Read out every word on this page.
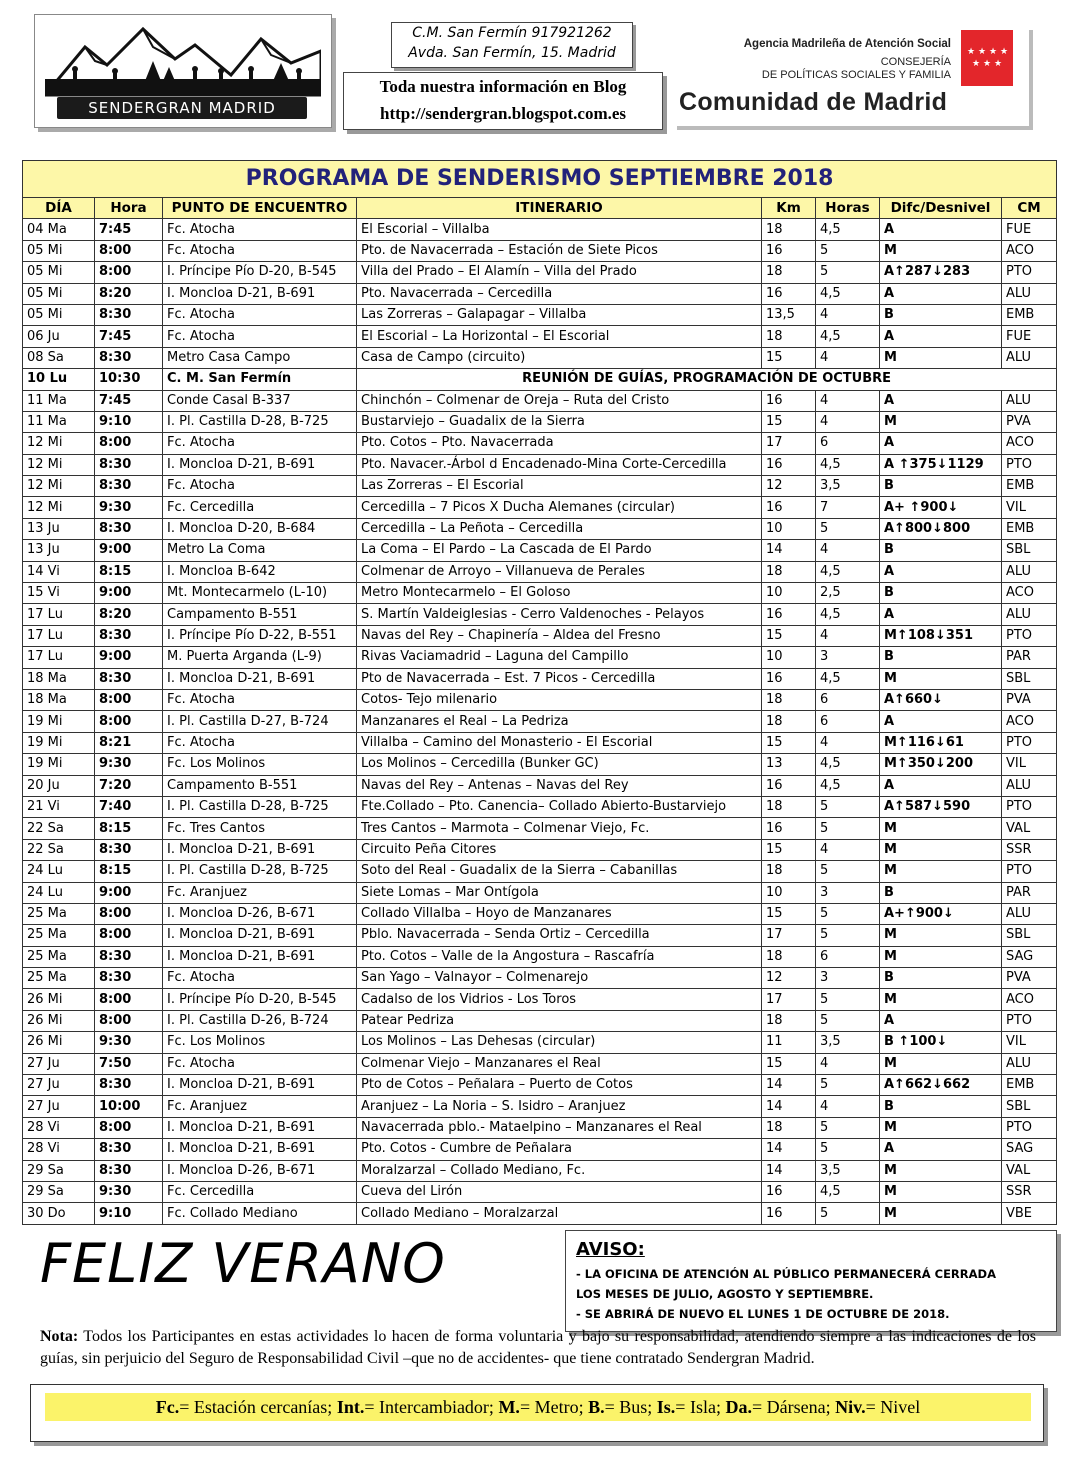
SENDERGRAN MADRID
C.M. San Fermín 917921262
Avda. San Fermín, 15. Madrid
Toda nuestra información en Blog
http://sendergran.blogspot.com.es
Agencia Madrileña de Atención Social
CONSEJERÍA
DE POLÍTICAS SOCIALES Y FAMILIA
Comunidad de Madrid
★ ★ ★ ★
★ ★ ★
PROGRAMA DE SENDERISMO SEPTIEMBRE 2018							
DÍA	Hora	PUNTO DE ENCUENTRO	ITINERARIO	Km	Horas	Difc/Desnivel	CM
04 Ma	7:45	Fc. Atocha	El Escorial – Villalba	18	4,5	A	FUE
05 Mi	8:00	Fc. Atocha	Pto. de Navacerrada – Estación de Siete Picos	16	5	M	ACO
05 Mi	8:00	I. Príncipe Pío D-20, B-545	Villa del Prado – El Alamín – Villa del Prado	18	5	A↑287↓283	PTO
05 Mi	8:20	I. Moncloa D-21, B-691	Pto. Navacerrada – Cercedilla	16	4,5	A	ALU
05 Mi	8:30	Fc. Atocha	Las Zorreras – Galapagar – Villalba	13,5	4	B	EMB
06 Ju	7:45	Fc. Atocha	El Escorial – La Horizontal – El Escorial	18	4,5	A	FUE
08 Sa	8:30	Metro Casa Campo	Casa de Campo (circuito)	15	4	M	ALU
10 Lu	10:30	C. M. San Fermín	REUNIÓN DE GUÍAS, PROGRAMACIÓN DE OCTUBRE				
11 Ma	7:45	Conde Casal B-337	Chinchón – Colmenar de Oreja – Ruta del Cristo	16	4	A	ALU
11 Ma	9:10	I. Pl. Castilla D-28, B-725	Bustarviejo – Guadalix de la Sierra	15	4	M	PVA
12 Mi	8:00	Fc. Atocha	Pto. Cotos – Pto. Navacerrada	17	6	A	ACO
12 Mi	8:30	I. Moncloa D-21, B-691	Pto. Navacer.-Árbol d Encadenado-Mina Corte-Cercedilla	16	4,5	A ↑375↓1129	PTO
12 Mi	8:30	Fc. Atocha	Las Zorreras – El Escorial	12	3,5	B	EMB
12 Mi	9:30	Fc. Cercedilla	Cercedilla – 7 Picos X Ducha Alemanes (circular)	16	7	A+ ↑900↓	VIL
13 Ju	8:30	I. Moncloa D-20, B-684	Cercedilla – La Peñota – Cercedilla	10	5	A↑800↓800	EMB
13 Ju	9:00	Metro La Coma	La Coma – El Pardo – La Cascada de El Pardo	14	4	B	SBL
14 Vi	8:15	I. Moncloa B-642	Colmenar de Arroyo – Villanueva de Perales	18	4,5	A	ALU
15 Vi	9:00	Mt. Montecarmelo (L-10)	Metro Montecarmelo – El Goloso	10	2,5	B	ACO
17 Lu	8:20	Campamento B-551	S. Martín Valdeiglesias - Cerro Valdenoches - Pelayos	16	4,5	A	ALU
17 Lu	8:30	I. Príncipe Pío D-22, B-551	Navas del Rey – Chapinería – Aldea del Fresno	15	4	M↑108↓351	PTO
17 Lu	9:00	M. Puerta Arganda (L-9)	Rivas Vaciamadrid – Laguna del Campillo	10	3	B	PAR
18 Ma	8:30	I. Moncloa D-21, B-691	Pto de Navacerrada – Est. 7 Picos - Cercedilla	16	4,5	M	SBL
18 Ma	8:00	Fc. Atocha	Cotos- Tejo milenario	18	6	A↑660↓	PVA
19 Mi	8:00	I. Pl. Castilla D-27, B-724	Manzanares el Real – La Pedriza	18	6	A	ACO
19 Mi	8:21	Fc. Atocha	Villalba – Camino del Monasterio - El Escorial	15	4	M↑116↓61	PTO
19 Mi	9:30	Fc. Los Molinos	Los Molinos – Cercedilla (Bunker GC)	13	4,5	M↑350↓200	VIL
20 Ju	7:20	Campamento B-551	Navas del Rey – Antenas – Navas del Rey	16	4,5	A	ALU
21 Vi	7:40	I. Pl. Castilla D-28, B-725	Fte.Collado – Pto. Canencia– Collado Abierto-Bustarviejo	18	5	A↑587↓590	PTO
22 Sa	8:15	Fc. Tres Cantos	Tres Cantos – Marmota – Colmenar Viejo, Fc.	16	5	M	VAL
22 Sa	8:30	I. Moncloa D-21, B-691	Circuito Peña Citores	15	4	M	SSR
24 Lu	8:15	I. Pl. Castilla D-28, B-725	Soto del Real - Guadalix de la Sierra – Cabanillas	18	5	M	PTO
24 Lu	9:00	Fc. Aranjuez	Siete Lomas – Mar Ontígola	10	3	B	PAR
25 Ma	8:00	I. Moncloa D-26, B-671	Collado Villalba – Hoyo de Manzanares	15	5	A+↑900↓	ALU
25 Ma	8:00	I. Moncloa D-21, B-691	Pblo. Navacerrada – Senda Ortiz – Cercedilla	17	5	M	SBL
25 Ma	8:30	I. Moncloa D-21, B-691	Pto. Cotos – Valle de la Angostura – Rascafría	18	6	M	SAG
25 Ma	8:30	Fc. Atocha	San Yago – Valnayor – Colmenarejo	12	3	B	PVA
26 Mi	8:00	I. Príncipe Pío D-20, B-545	Cadalso de los Vidrios - Los Toros	17	5	M	ACO
26 Mi	8:00	I. Pl. Castilla D-26, B-724	Patear Pedriza	18	5	A	PTO
26 Mi	9:30	Fc. Los Molinos	Los Molinos – Las Dehesas (circular)	11	3,5	B ↑100↓	VIL
27 Ju	7:50	Fc. Atocha	Colmenar Viejo – Manzanares el Real	15	4	M	ALU
27 Ju	8:30	I. Moncloa D-21, B-691	Pto de Cotos – Peñalara – Puerto de Cotos	14	5	A↑662↓662	EMB
27 Ju	10:00	Fc. Aranjuez	Aranjuez – La Noria – S. Isidro – Aranjuez	14	4	B	SBL
28 Vi	8:00	I. Moncloa D-21, B-691	Navacerrada pblo.- Mataelpino – Manzanares el Real	18	5	M	PTO
28 Vi	8:30	I. Moncloa D-21, B-691	Pto. Cotos - Cumbre de Peñalara	14	5	A	SAG
29 Sa	8:30	I. Moncloa D-26, B-671	Moralzarzal – Collado Mediano, Fc.	14	3,5	M	VAL
29 Sa	9:30	Fc. Cercedilla	Cueva del Lirón	16	4,5	M	SSR
30 Do	9:10	Fc. Collado Mediano	Collado Mediano – Moralzarzal	16	5	M	VBE
FELIZ VERANO	AVISO:
- LA OFICINA DE ATENCIÓN AL PÚBLICO PERMANECERÁ CERRADA
LOS MESES DE JULIO, AGOSTO Y SEPTIEMBRE.
- SE ABRIRÁ DE NUEVO EL LUNES 1 DE OCTUBRE DE 2018.
Nota: Todos los Participantes en estas actividades lo hacen de forma voluntaria y bajo su responsabilidad, atendiendo siempre a las indicaciones de los guías, sin perjuicio del Seguro de Responsabilidad Civil –que no de accidentes- que tiene contratado Sendergran Madrid.
Fc.= Estación cercanías; Int.= Intercambiador; M.= Metro; B.= Bus; Is.= Isla; Da.= Dársena; Niv.= Nivel
